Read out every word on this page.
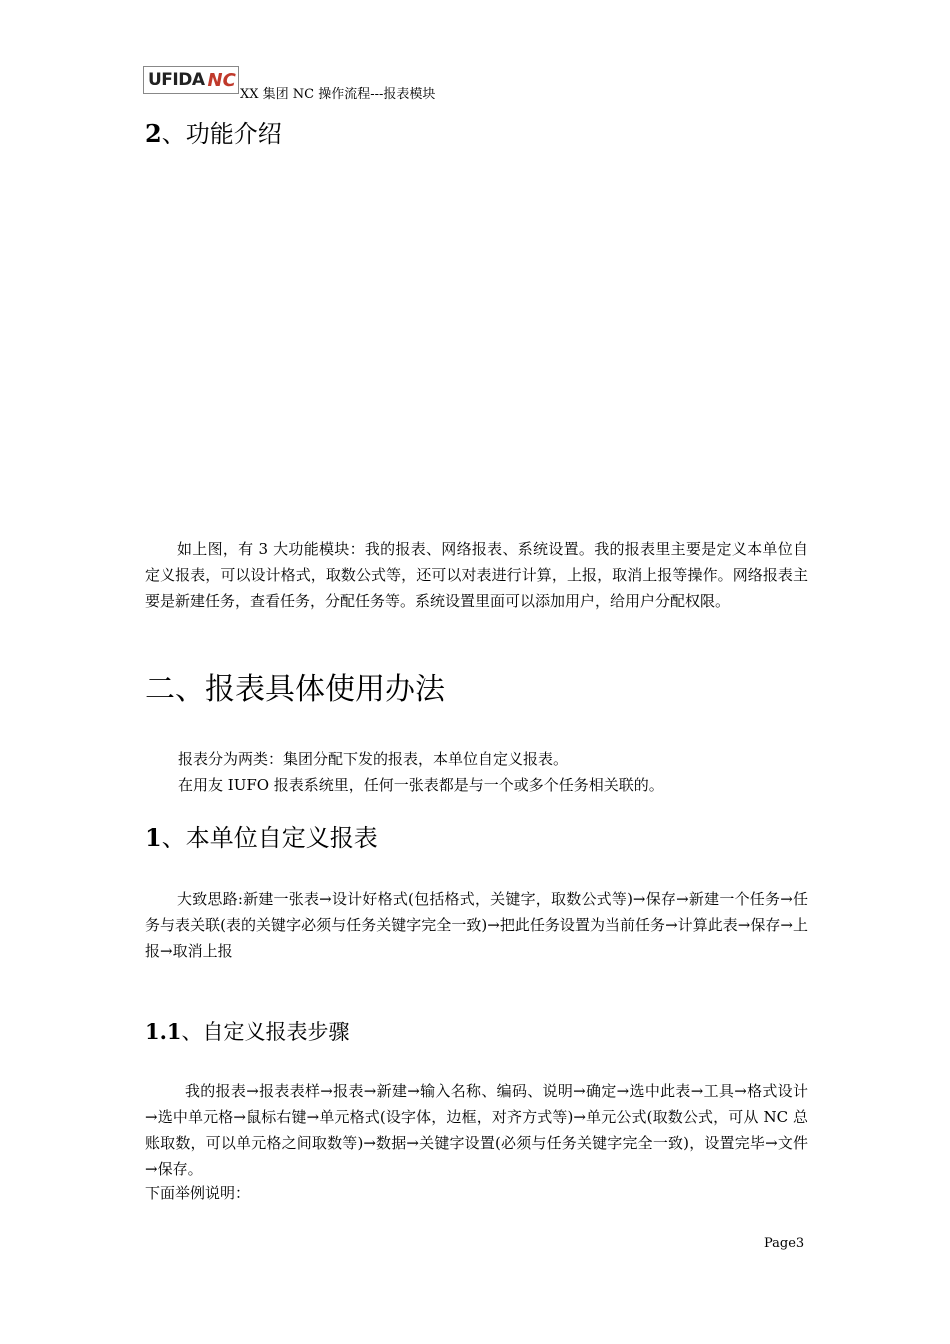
UFIDA NC
XX 集团 NC 操作流程---报表模块
2、功能介绍
如上图，有 3 大功能模块：我的报表、网络报表、系统设置。我的报表里主要是定义本单位自定义报表，可以设计格式，取数公式等，还可以对表进行计算，上报，取消上报等操作。网络报表主要是新建任务，查看任务，分配任务等。系统设置里面可以添加用户，给用户分配权限。
二、报表具体使用办法
报表分为两类：集团分配下发的报表，本单位自定义报表。
在用友 IUFO 报表系统里，任何一张表都是与一个或多个任务相关联的。
1、本单位自定义报表
大致思路:新建一张表→设计好格式(包括格式，关键字，取数公式等)→保存→新建一个任务→任务与表关联(表的关键字必须与任务关键字完全一致)→把此任务设置为当前任务→计算此表→保存→上报→取消上报
1.1、自定义报表步骤
我的报表→报表表样→报表→新建→输入名称、编码、说明→确定→选中此表→工具→格式设计→选中单元格→鼠标右键→单元格式(设字体，边框，对齐方式等)→单元公式(取数公式，可从 NC 总账取数，可以单元格之间取数等)→数据→关键字设置(必须与任务关键字完全一致)，设置完毕→文件→保存。
下面举例说明：
Page3
